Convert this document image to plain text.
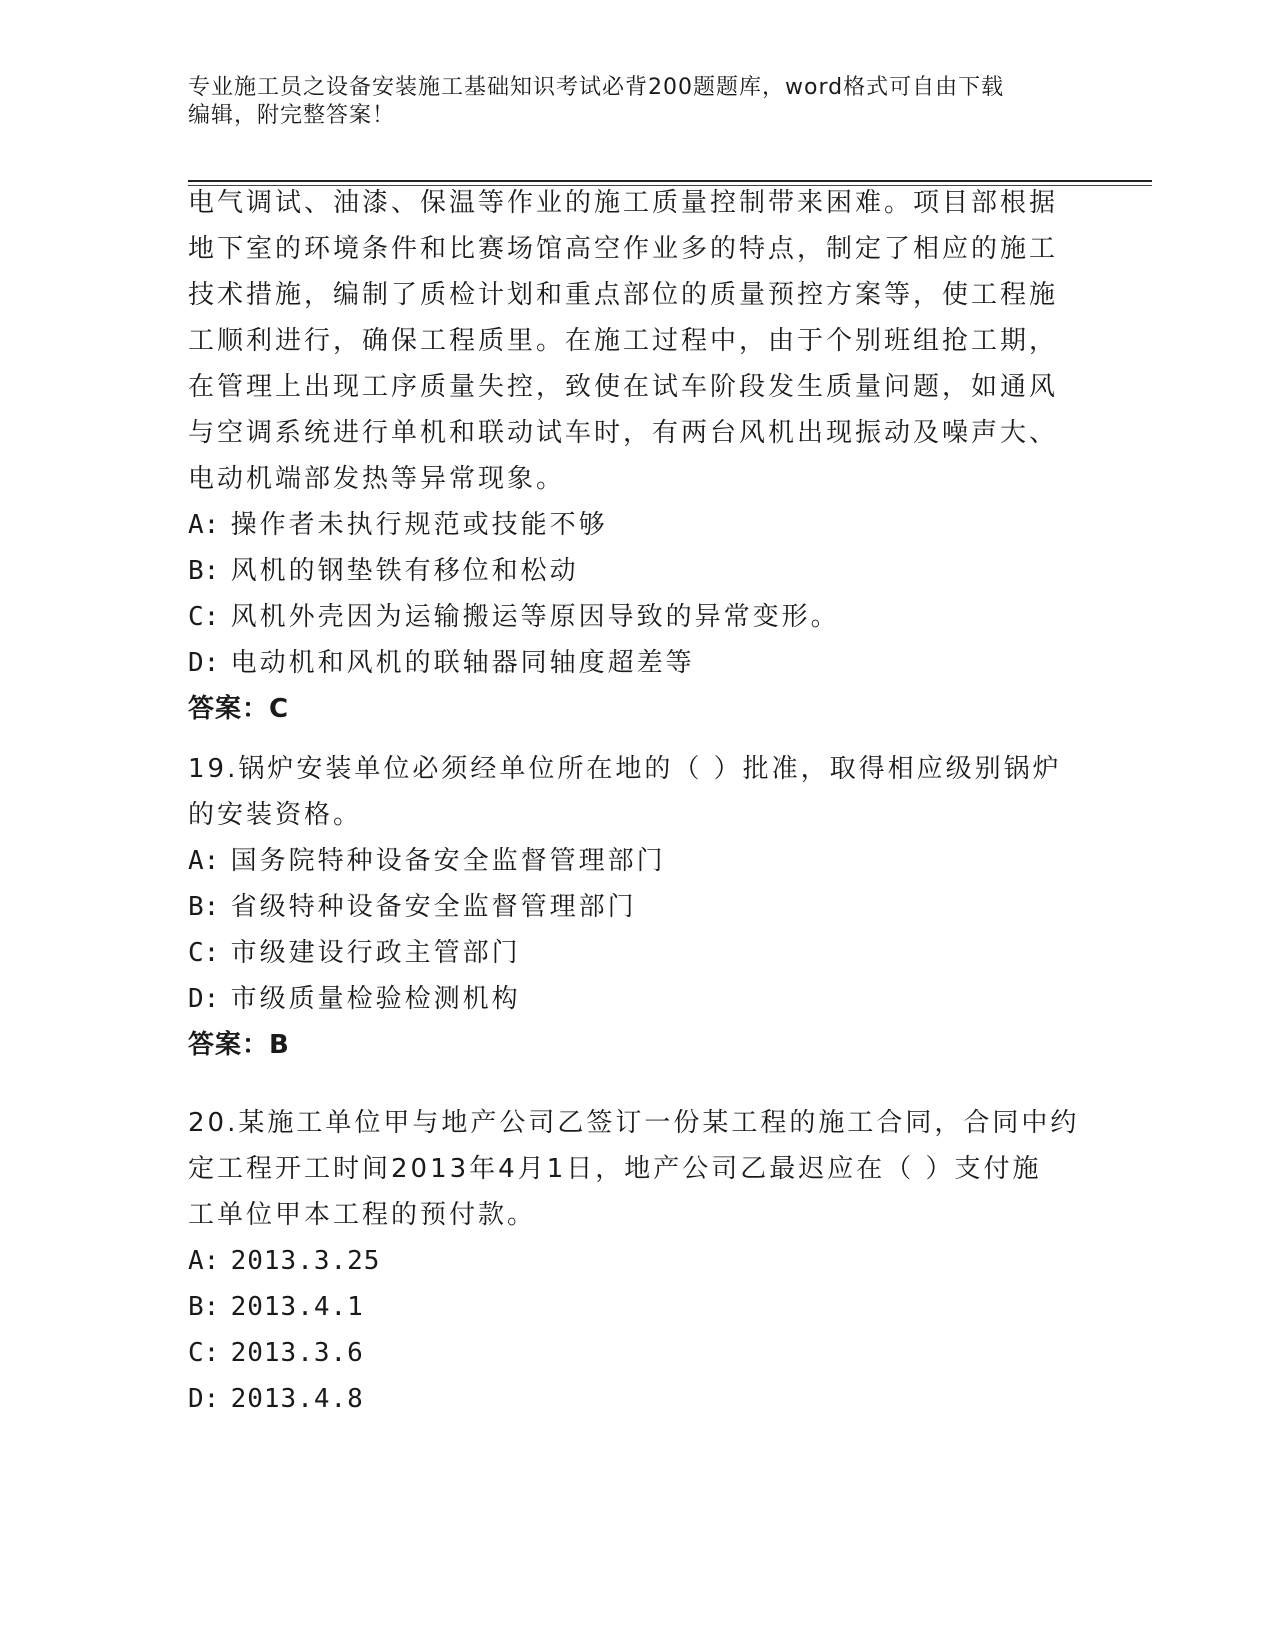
专业施工员之设备安装施工基础知识考试必背200题题库，word格式可自由下载
编辑，附完整答案！
电气调试、油漆、保温等作业的施工质量控制带来困难。项目部根据
地下室的环境条件和比赛场馆高空作业多的特点，制定了相应的施工
技术措施，编制了质检计划和重点部位的质量预控方案等，使工程施
工顺利进行，确保工程质里。在施工过程中，由于个别班组抢工期，
在管理上出现工序质量失控，致使在试车阶段发生质量问题，如通风
与空调系统进行单机和联动试车时，有两台风机出现振动及噪声大、
电动机端部发热等异常现象。
A: 操作者未执行规范或技能不够
B: 风机的钢垫铁有移位和松动
C: 风机外壳因为运输搬运等原因导致的异常变形。
D: 电动机和风机的联轴器同轴度超差等
答案：C
19.锅炉安装单位必须经单位所在地的（ ）批准，取得相应级别锅炉
的安装资格。
A: 国务院特种设备安全监督管理部门
B: 省级特种设备安全监督管理部门
C: 市级建设行政主管部门
D: 市级质量检验检测机构
答案：B
20.某施工单位甲与地产公司乙签订一份某工程的施工合同，合同中约
定工程开工时间2013年4月1日，地产公司乙最迟应在（ ）支付施
工单位甲本工程的预付款。
A: 2013.3.25
B: 2013.4.1
C: 2013.3.6
D: 2013.4.8
